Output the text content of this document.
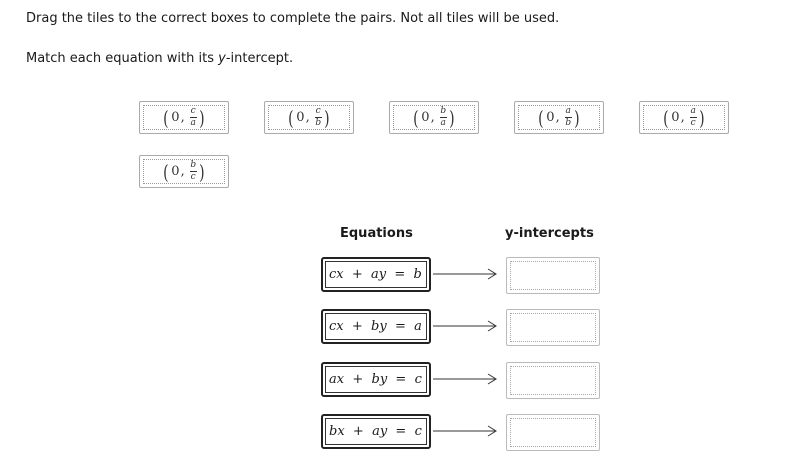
Drag the tiles to the correct boxes to complete the pairs. Not all tiles will be used.
Match each equation with its y-intercept.
( 0 , $\frac{c}{a}$ )	( 0 , $\frac{c}{b}$ )	( 0 , $\frac{b}{a}$ )	( 0 , $\frac{a}{b}$ )	( 0 , $\frac{a}{c}$ )
( 0 , $\frac{b}{c}$ )
Equations	y-intercepts
cx  +  ay  =  b
cx  +  by  =  a
ax  +  by  =  c
bx  +  ay  =  c
